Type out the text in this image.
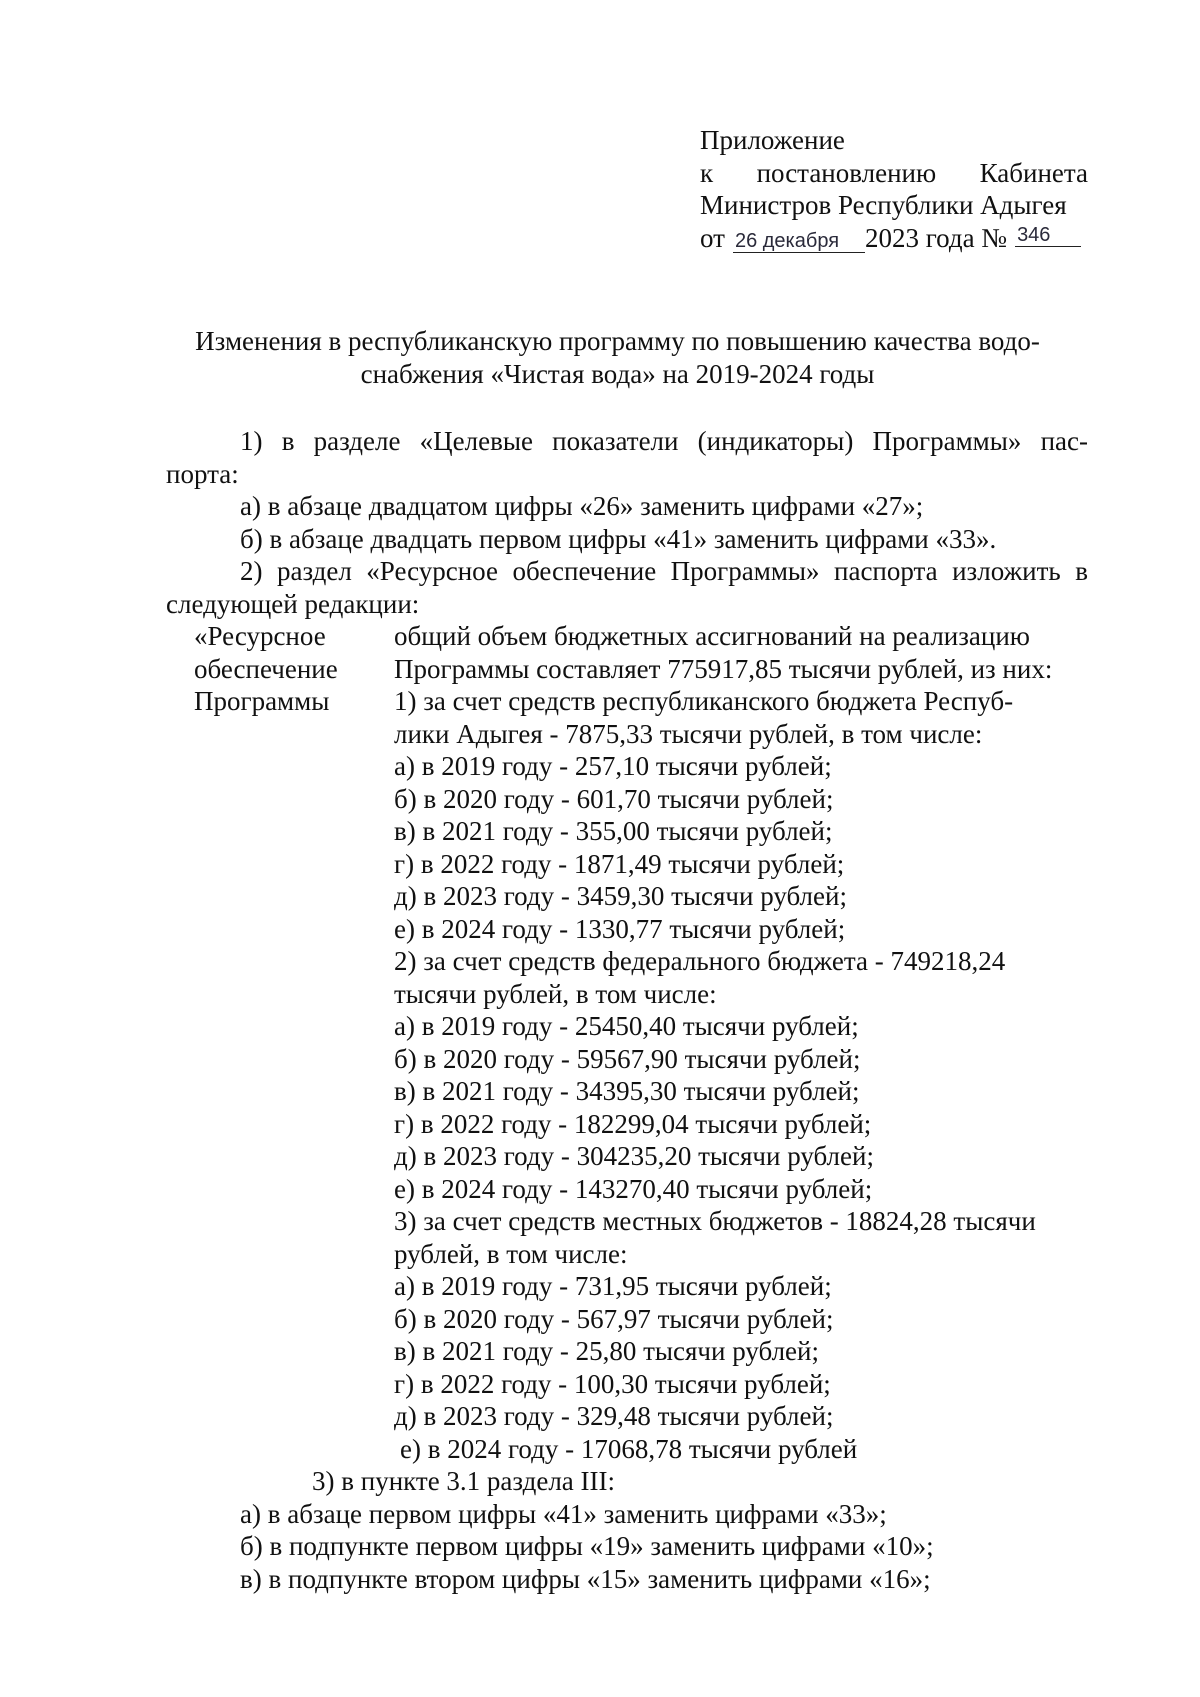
Приложение
к постановлению Кабинета
Министров Республики Адыгея
от 26 декабря 2023 года № 346
Изменения в республиканскую программу по повышению качества водо-
снабжения «Чистая вода» на 2019-2024 годы
1) в разделе «Целевые показатели (индикаторы) Программы» пас-
порта:
а) в абзаце двадцатом цифры «26» заменить цифрами «27»;
б) в абзаце двадцать первом цифры «41» заменить цифрами «33».
2) раздел «Ресурсное обеспечение Программы» паспорта изложить в
следующей редакции:
«Ресурсное
обеспечение
Программы
общий объем бюджетных ассигнований на реализацию
Программы составляет 775917,85 тысячи рублей, из них:
1) за счет средств республиканского бюджета Респуб-
лики Адыгея - 7875,33 тысячи рублей, в том числе:
а) в 2019 году - 257,10 тысячи рублей;
б) в 2020 году - 601,70 тысячи рублей;
в) в 2021 году - 355,00 тысячи рублей;
г) в 2022 году - 1871,49 тысячи рублей;
д) в 2023 году - 3459,30 тысячи рублей;
е) в 2024 году - 1330,77 тысячи рублей;
2) за счет средств федерального бюджета - 749218,24
тысячи рублей, в том числе:
а) в 2019 году - 25450,40 тысячи рублей;
б) в 2020 году - 59567,90 тысячи рублей;
в) в 2021 году - 34395,30 тысячи рублей;
г) в 2022 году - 182299,04 тысячи рублей;
д) в 2023 году - 304235,20 тысячи рублей;
е) в 2024 году - 143270,40 тысячи рублей;
3) за счет средств местных бюджетов - 18824,28 тысячи
рублей, в том числе:
а) в 2019 году - 731,95 тысячи рублей;
б) в 2020 году - 567,97 тысячи рублей;
в) в 2021 году - 25,80 тысячи рублей;
г) в 2022 году - 100,30 тысячи рублей;
д) в 2023 году - 329,48 тысячи рублей;
е) в 2024 году - 17068,78 тысячи рублей
3) в пункте 3.1 раздела III:
а) в абзаце первом цифры «41» заменить цифрами «33»;
б) в подпункте первом цифры «19» заменить цифрами «10»;
в) в подпункте втором цифры «15» заменить цифрами «16»;
